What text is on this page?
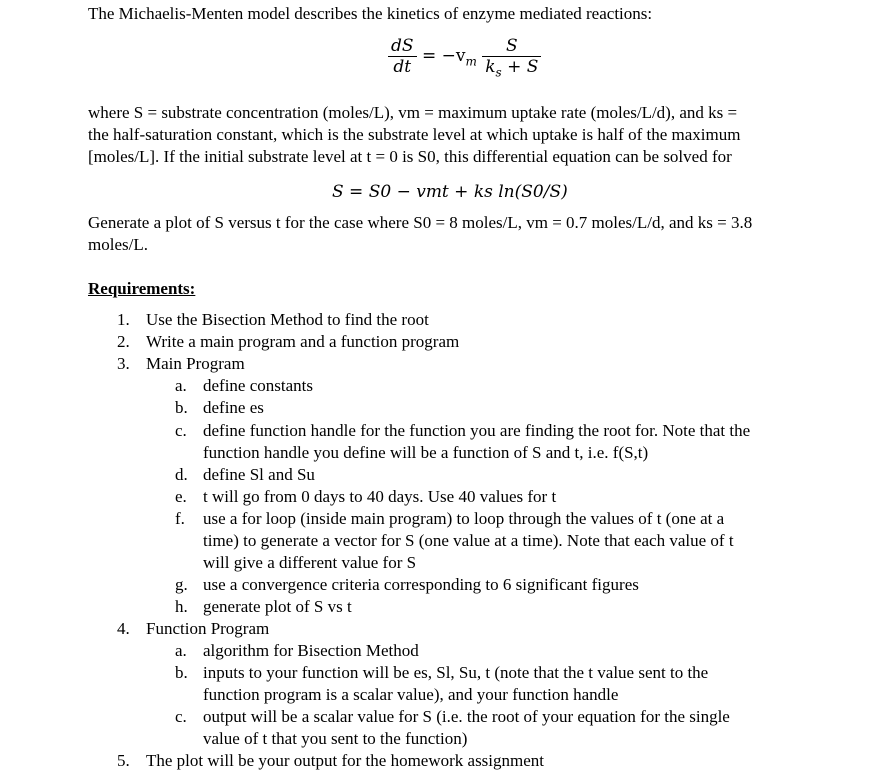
The Michaelis-Menten model describes the kinetics of enzyme mediated reactions:
$\frac{dS}{dt} = -v_m \frac{S}{k_s + S}$
where S = substrate concentration (moles/L), vm = maximum uptake rate (moles/L/d), and ks =
the half-saturation constant, which is the substrate level at which uptake is half of the maximum
[moles/L]. If the initial substrate level at t = 0 is S0, this differential equation can be solved for
S = S0 − vmt + ks ln(S0/S)
Generate a plot of S versus t for the case where S0 = 8 moles/L, vm = 0.7 moles/L/d, and ks = 3.8
moles/L.
Requirements:
1. Use the Bisection Method to find the root
2. Write a main program and a function program
3. Main Program
a. define constants
b. define es
c. define function handle for the function you are finding the root for. Note that the
function handle you define will be a function of S and t, i.e. f(S,t)
d. define Sl and Su
e. t will go from 0 days to 40 days. Use 40 values for t
f. use a for loop (inside main program) to loop through the values of t (one at a
time) to generate a vector for S (one value at a time). Note that each value of t
will give a different value for S
g. use a convergence criteria corresponding to 6 significant figures
h. generate plot of S vs t
4. Function Program
a. algorithm for Bisection Method
b. inputs to your function will be es, Sl, Su, t (note that the t value sent to the
function program is a scalar value), and your function handle
c. output will be a scalar value for S (i.e. the root of your equation for the single
value of t that you sent to the function)
5. The plot will be your output for the homework assignment
